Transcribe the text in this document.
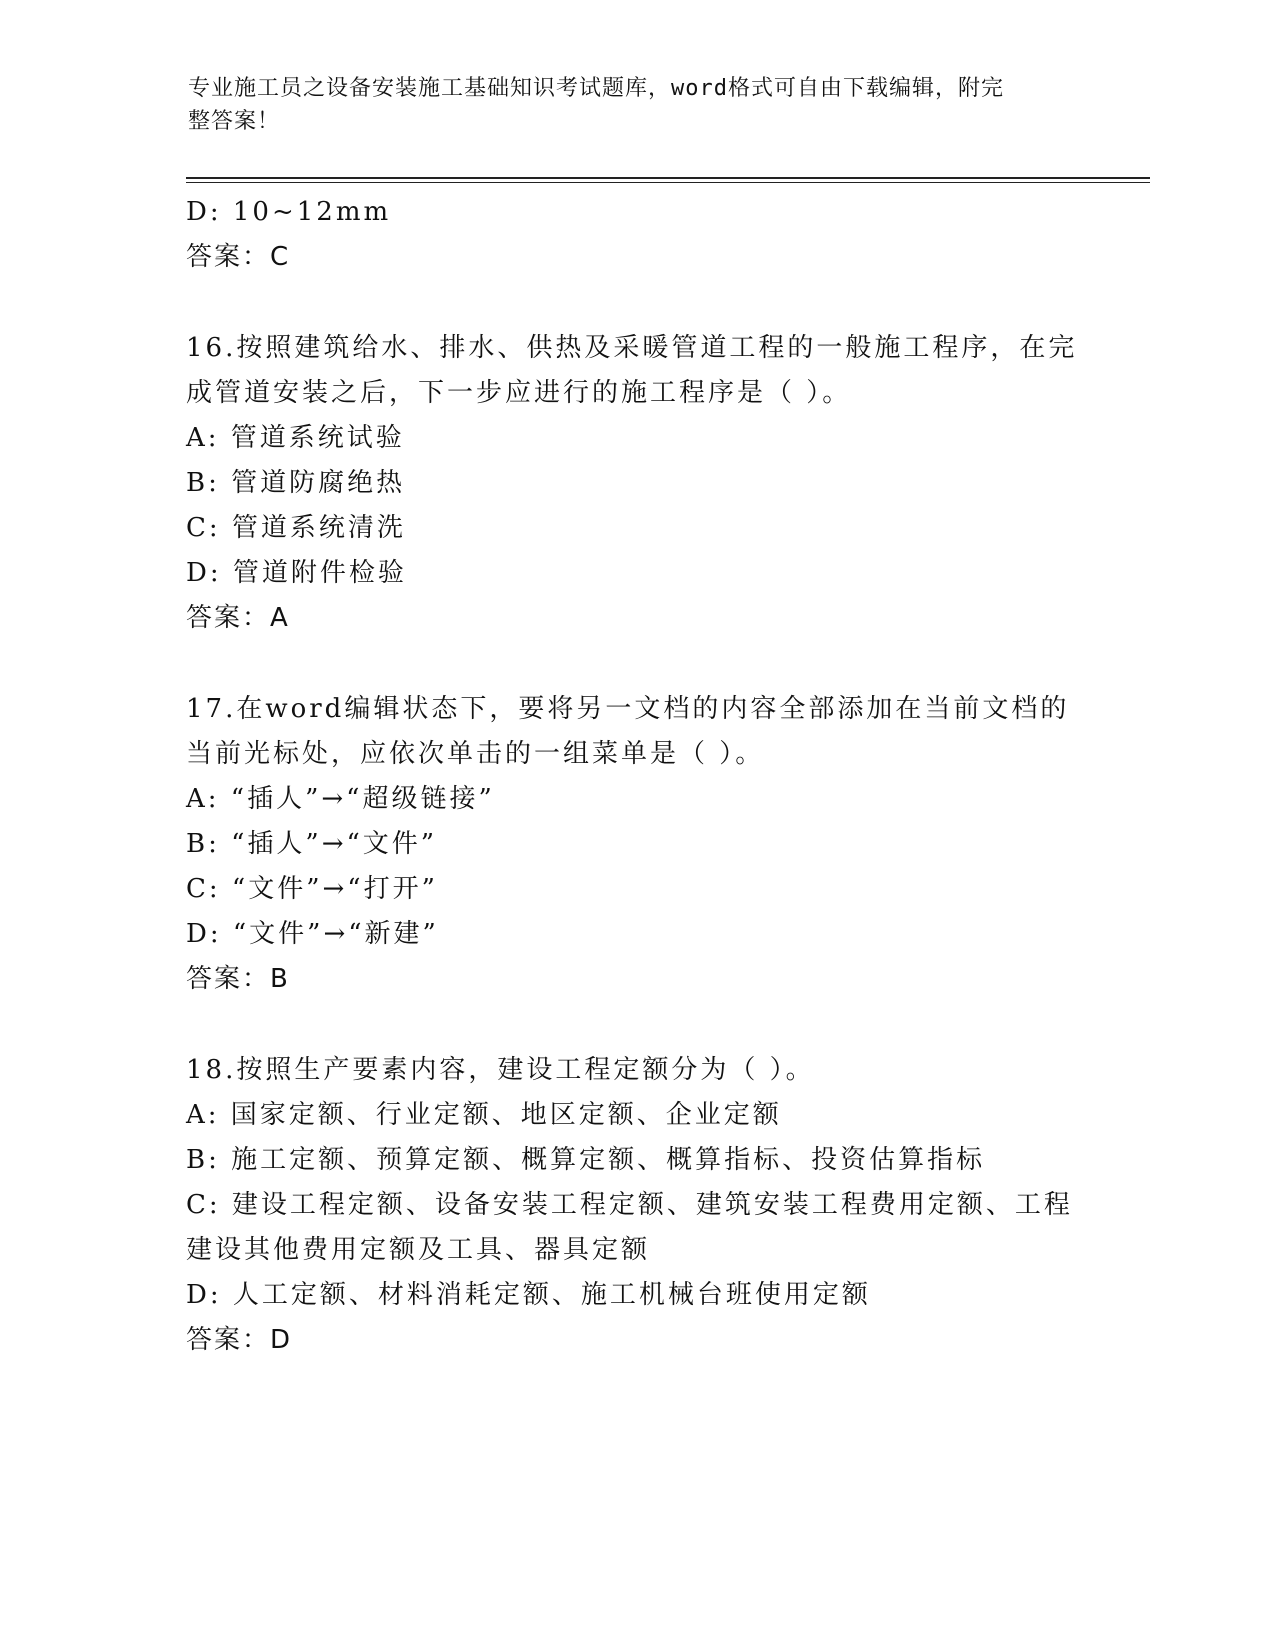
专业施工员之设备安装施工基础知识考试题库，word格式可自由下载编辑，附完
整答案！
D: 10~12mm
答案：C
16.按照建筑给水、排水、供热及采暖管道工程的一般施工程序，在完
成管道安装之后，下一步应进行的施工程序是（ ）。
A: 管道系统试验
B: 管道防腐绝热
C: 管道系统清洗
D: 管道附件检验
答案：A
17.在word编辑状态下，要将另一文档的内容全部添加在当前文档的
当前光标处，应依次单击的一组菜单是（ ）。
A: “插人”→“超级链接”
B: “插人”→“文件”
C: “文件”→“打开”
D: “文件”→“新建”
答案：B
18.按照生产要素内容，建设工程定额分为（ ）。
A: 国家定额、行业定额、地区定额、企业定额
B: 施工定额、预算定额、概算定额、概算指标、投资估算指标
C: 建设工程定额、设备安装工程定额、建筑安装工程费用定额、工程
建设其他费用定额及工具、器具定额
D: 人工定额、材料消耗定额、施工机械台班使用定额
答案：D
